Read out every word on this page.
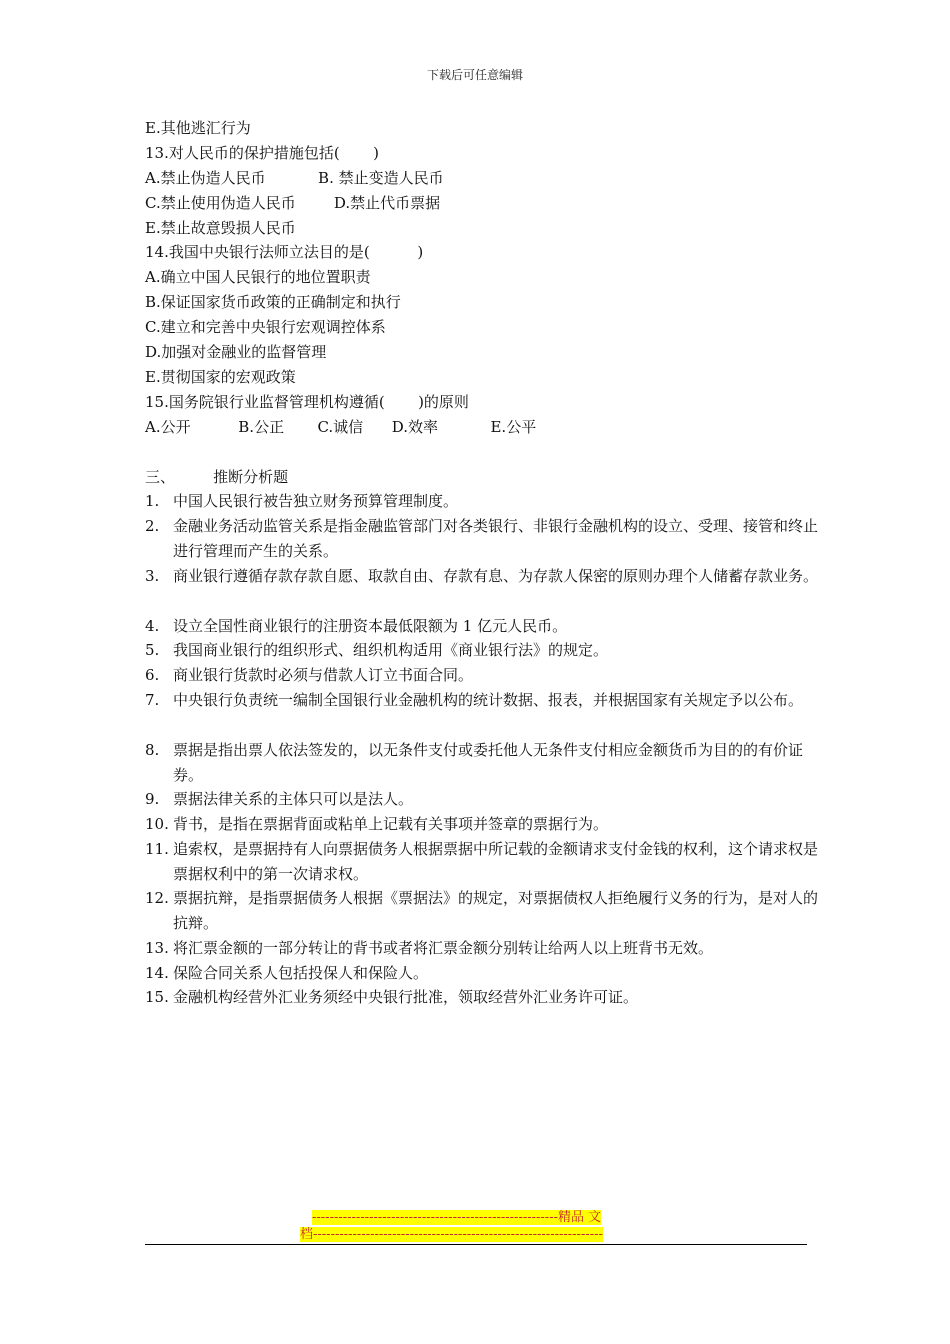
下载后可任意编辑
E.其他逃汇行为
13.对人民币的保护措施包括(       )
A.禁止伪造人民币           B. 禁止变造人民币
C.禁止使用伪造人民币        D.禁止代币票据
E.禁止故意毁损人民币
14.我国中央银行法师立法目的是(          )
A.确立中国人民银行的地位置职责
B.保证国家货币政策的正确制定和执行
C.建立和完善中央银行宏观调控体系
D.加强对金融业的监督管理
E.贯彻国家的宏观政策
15.国务院银行业监督管理机构遵循(       )的原则
A.公开          B.公正       C.诚信      D.效率           E.公平
三、        推断分析题
1. 中国人民银行被告独立财务预算管理制度。
2. 金融业务活动监管关系是指金融监管部门对各类银行、非银行金融机构的设立、受理、接管和终止进行管理而产生的关系。
3. 商业银行遵循存款存款自愿、取款自由、存款有息、为存款人保密的原则办理个人储蓄存款业务。
4. 设立全国性商业银行的注册资本最低限额为 1 亿元人民币。
5. 我国商业银行的组织形式、组织机构适用《商业银行法》的规定。
6. 商业银行货款时必须与借款人订立书面合同。
7. 中央银行负责统一编制全国银行业金融机构的统计数据、报表，并根据国家有关规定予以公布。
8. 票据是指出票人依法签发的，以无条件支付或委托他人无条件支付相应金额货币为目的的有价证券。
9. 票据法律关系的主体只可以是法人。
10. 背书，是指在票据背面或粘单上记载有关事项并签章的票据行为。
11. 追索权，是票据持有人向票据债务人根据票据中所记载的金额请求支付金钱的权利，这个请求权是票据权利中的第一次请求权。
12. 票据抗辩，是指票据债务人根据《票据法》的规定，对票据债权人拒绝履行义务的行为，是对人的抗辩。
13. 将汇票金额的一部分转让的背书或者将汇票金额分别转让给两人以上班背书无效。
14. 保险合同关系人包括投保人和保险人。
15. 金融机构经营外汇业务须经中央银行批准，领取经营外汇业务许可证。
--------------------------------------------------------精品 文
档------------------------------------------------------------------
